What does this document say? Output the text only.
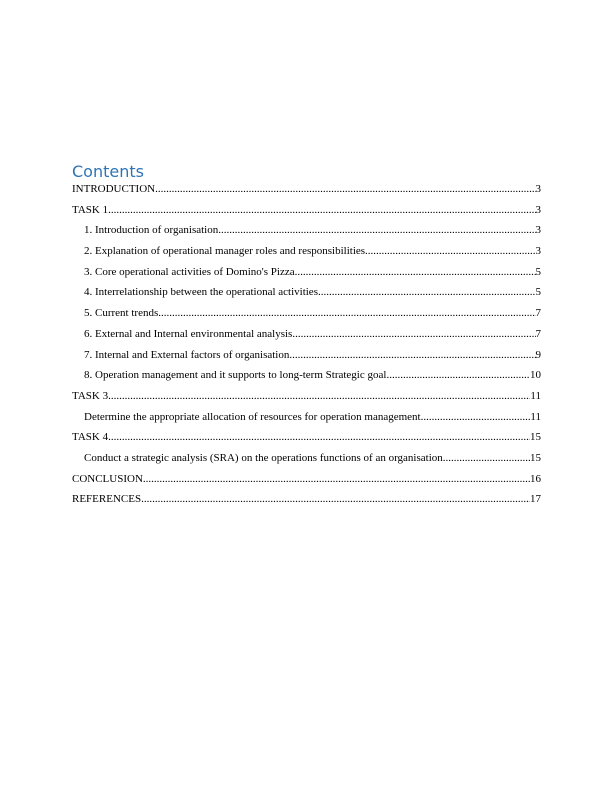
Contents
INTRODUCTION .....	3
TASK 1 .....	3
1. Introduction of organisation .....	3
2. Explanation of operational manager roles and responsibilities .....	3
3. Core operational activities of Domino's Pizza .....	5
4. Interrelationship between the operational activities .....	5
5. Current trends .....	7
6. External and Internal environmental analysis .....	7
7. Internal and External factors of organisation .....	9
8. Operation management and it supports to long-term Strategic goal .....	10
TASK 3 .....	11
Determine the appropriate allocation of resources for operation management .....	11
TASK 4 .....	15
Conduct a strategic analysis (SRA) on the operations functions of an organisation .....	15
CONCLUSION .....	16
REFERENCES .....	17
